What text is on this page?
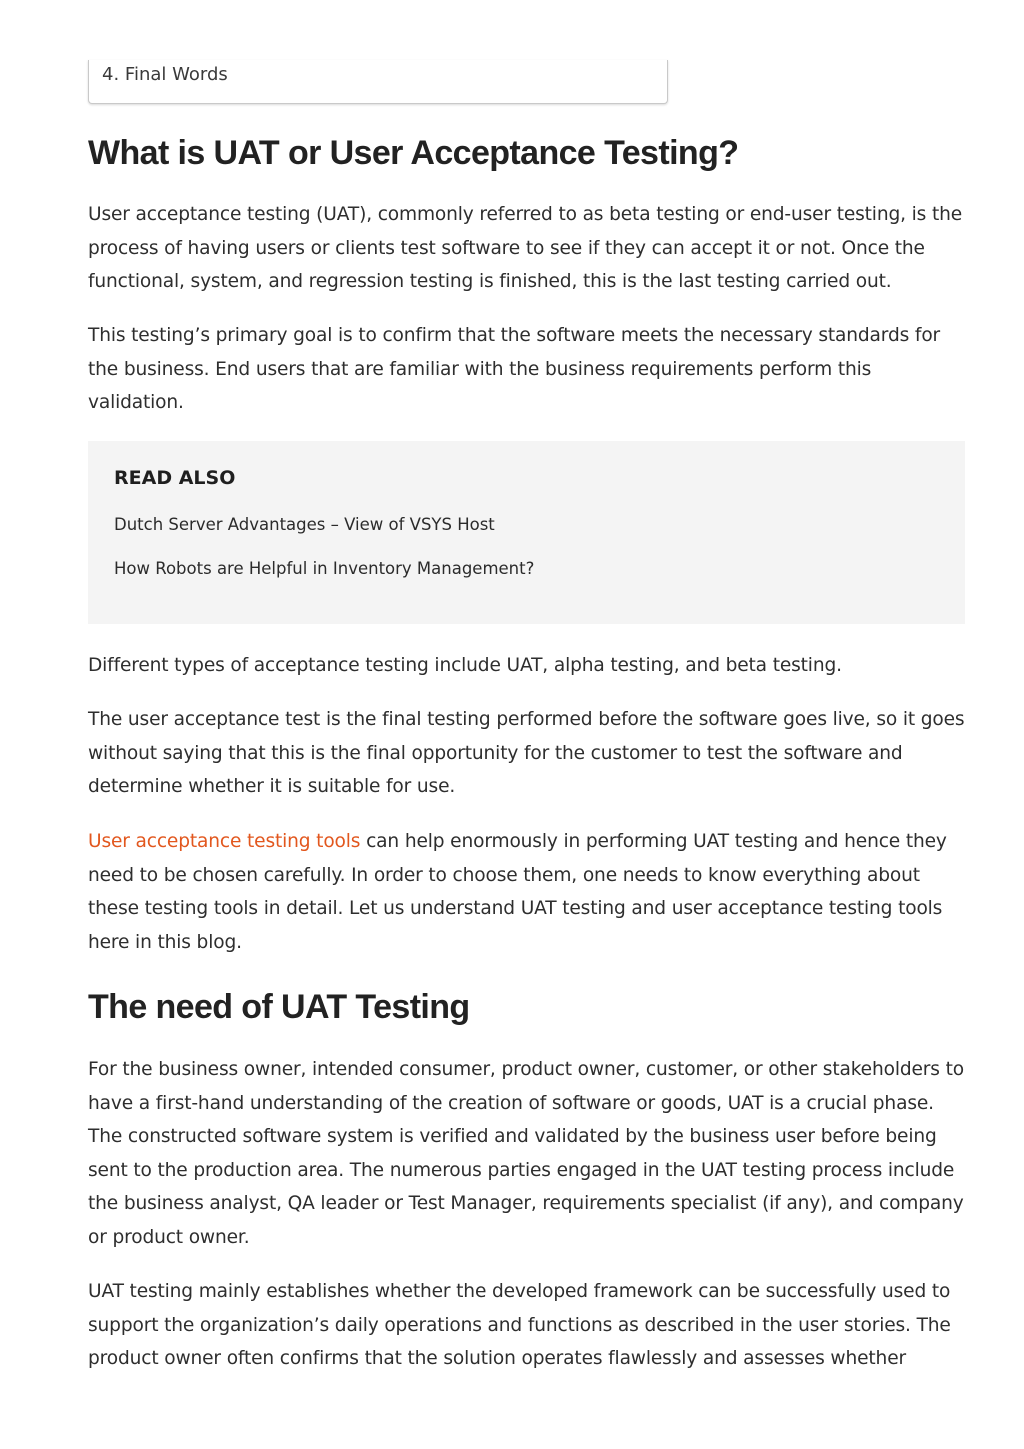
4. Final Words
What is UAT or User Acceptance Testing?

User acceptance testing (UAT), commonly referred to as beta testing or end-user testing, is the process of having users or clients test software to see if they can accept it or not. Once the functional, system, and regression testing is finished, this is the last testing carried out.

This testing’s primary goal is to confirm that the software meets the necessary standards for the business. End users that are familiar with the business requirements perform this validation.

READ ALSO
Dutch Server Advantages – View of VSYS Host
How Robots are Helpful in Inventory Management?

Different types of acceptance testing include UAT, alpha testing, and beta testing.

The user acceptance test is the final testing performed before the software goes live, so it goes without saying that this is the final opportunity for the customer to test the software and determine whether it is suitable for use.

User acceptance testing tools can help enormously in performing UAT testing and hence they need to be chosen carefully. In order to choose them, one needs to know everything about these testing tools in detail. Let us understand UAT testing and user acceptance testing tools here in this blog.

The need of UAT Testing

For the business owner, intended consumer, product owner, customer, or other stakeholders to have a first-hand understanding of the creation of software or goods, UAT is a crucial phase. The constructed software system is verified and validated by the business user before being sent to the production area. The numerous parties engaged in the UAT testing process include the business analyst, QA leader or Test Manager, requirements specialist (if any), and company or product owner.

UAT testing mainly establishes whether the developed framework can be successfully used to support the organization’s daily operations and functions as described in the user stories. The product owner often confirms that the solution operates flawlessly and assesses whether
